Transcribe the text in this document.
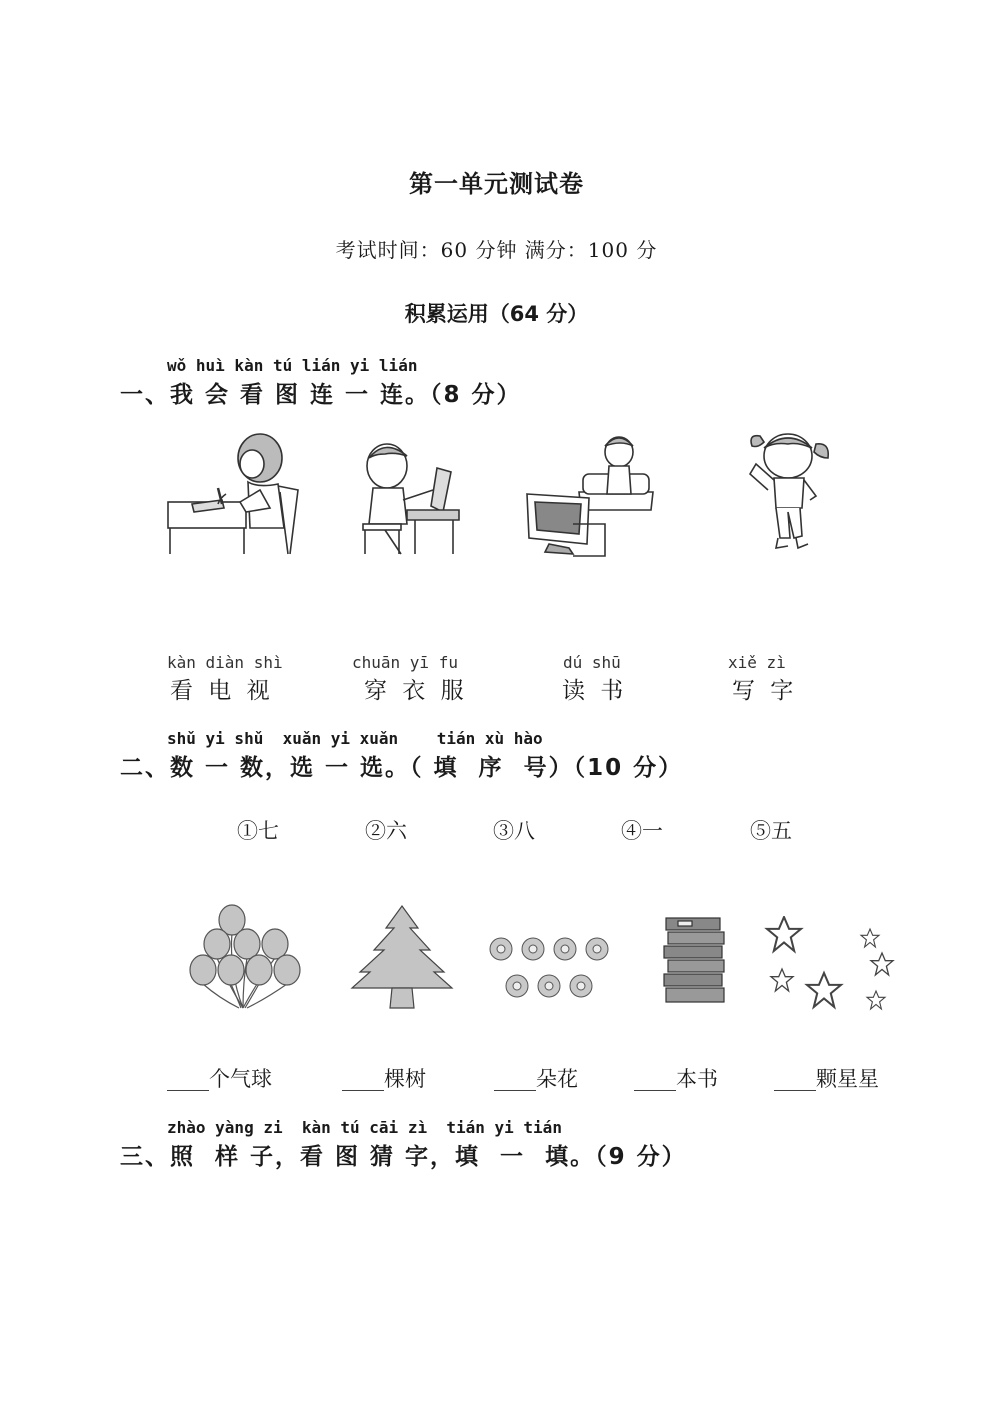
第一单元测试卷
考试时间：60 分钟 满分：100 分
积累运用（64 分）
wǒ huì kàn tú lián yi lián
一、我 会 看 图 连 一 连。（8 分）
kàn diàn shì
看 电 视
chuān yī fu
穿 衣 服
dú shū
读 书
xiě zì
写 字
shǔ yi shǔ  xuǎn yi xuǎn    tián xù hào
二、数 一 数，选 一 选。（ 填  序  号）（10 分）
①七	②六	③八	④一	⑤五
____个气球	____棵树	____朵花	____本书	____颗星星
zhào yàng zi  kàn tú cāi zì  tián yi tián
三、照  样 子，看 图 猜 字，填  一  填。（9 分）
